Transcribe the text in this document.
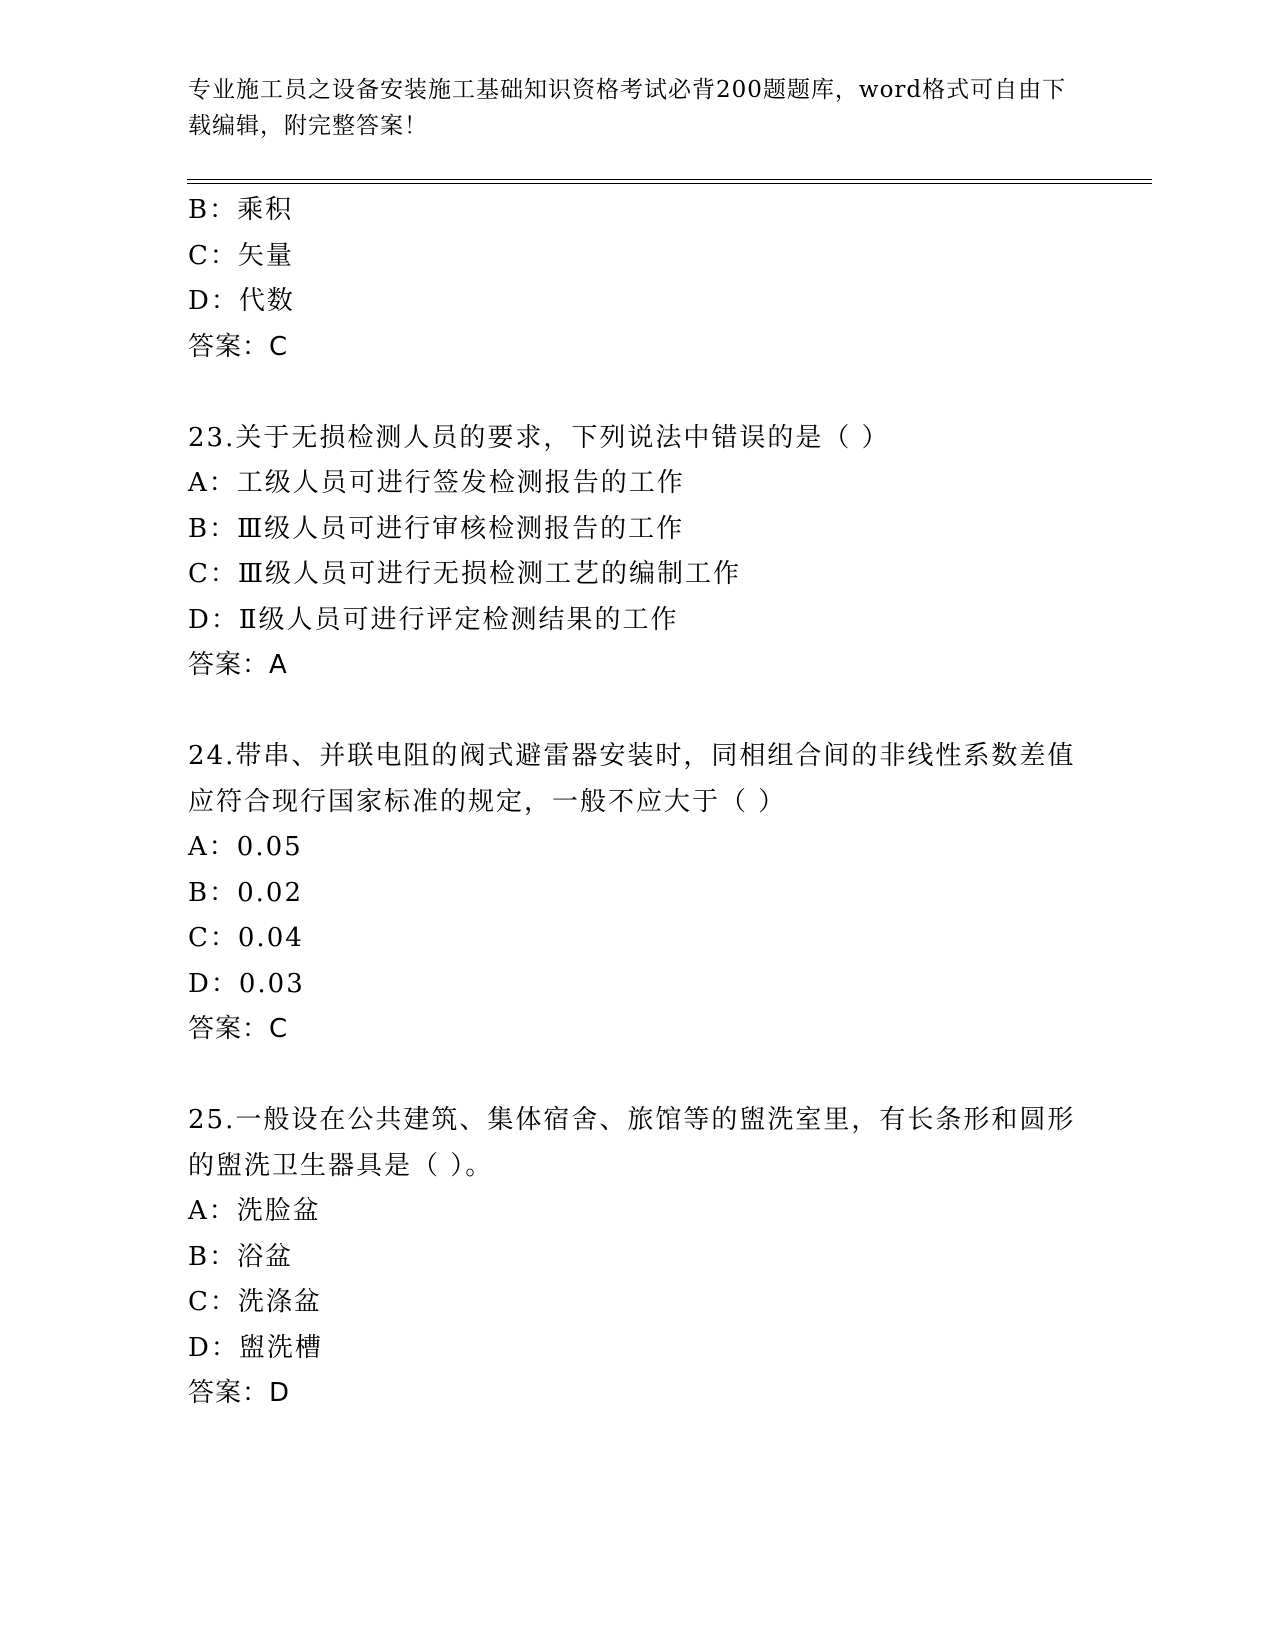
专业施工员之设备安装施工基础知识资格考试必背200题题库，word格式可自由下载编辑，附完整答案！
B：乘积
C：矢量
D：代数
答案：C
23.关于无损检测人员的要求，下列说法中错误的是（ ）
A：工级人员可进行签发检测报告的工作
B：Ⅲ级人员可进行审核检测报告的工作
C：Ⅲ级人员可进行无损检测工艺的编制工作
D：Ⅱ级人员可进行评定检测结果的工作
答案：A
24.带串、并联电阻的阀式避雷器安装时，同相组合间的非线性系数差值应符合现行国家标准的规定，一般不应大于（ ）
A：0.05
B：0.02
C：0.04
D：0.03
答案：C
25.一般设在公共建筑、集体宿舍、旅馆等的盥洗室里，有长条形和圆形的盥洗卫生器具是（ ）。
A：洗脸盆
B：浴盆
C：洗涤盆
D：盥洗槽
答案：D
